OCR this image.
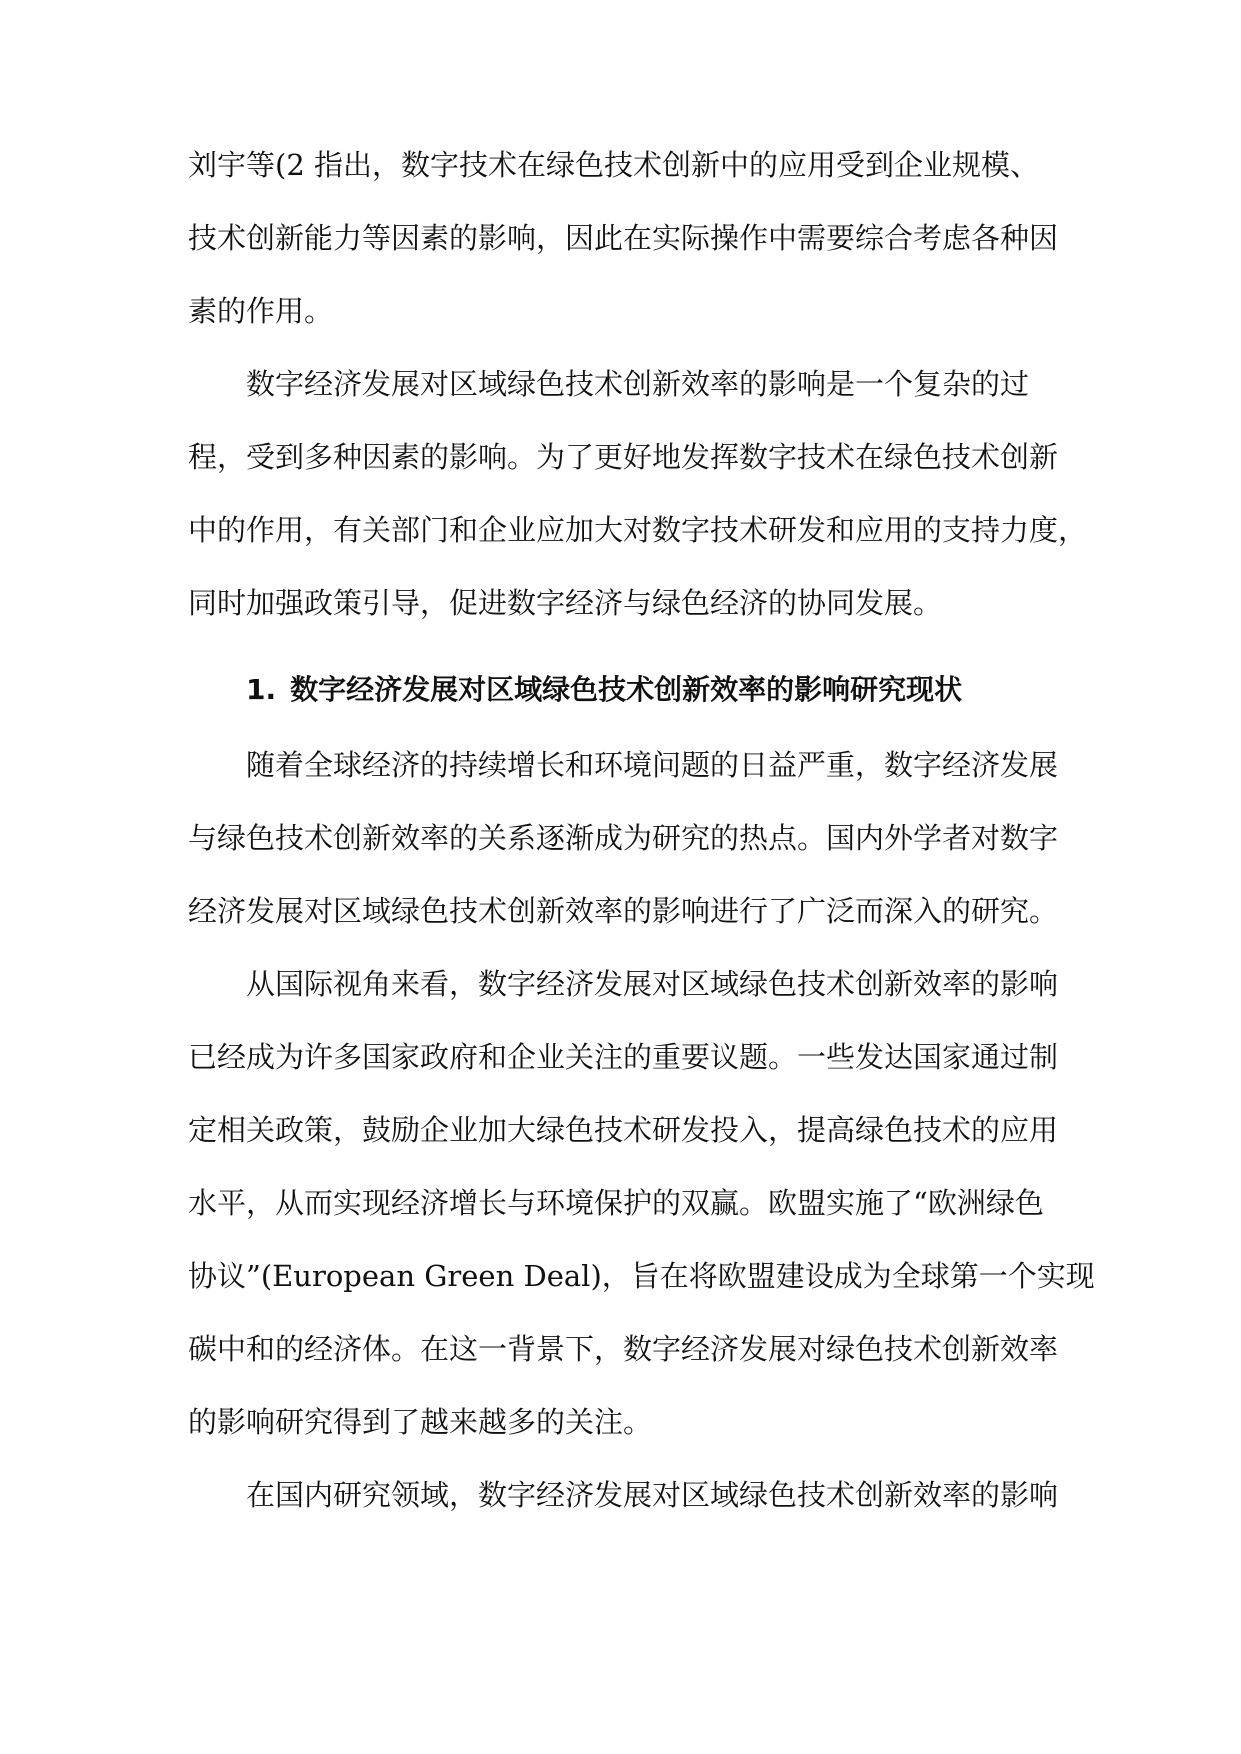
刘宇等(2 指出，数字技术在绿色技术创新中的应用受到企业规模、
技术创新能力等因素的影响，因此在实际操作中需要综合考虑各种因
素的作用。
数字经济发展对区域绿色技术创新效率的影响是一个复杂的过
程，受到多种因素的影响。为了更好地发挥数字技术在绿色技术创新
中的作用，有关部门和企业应加大对数字技术研发和应用的支持力度，
同时加强政策引导，促进数字经济与绿色经济的协同发展。
1. 数字经济发展对区域绿色技术创新效率的影响研究现状
随着全球经济的持续增长和环境问题的日益严重，数字经济发展
与绿色技术创新效率的关系逐渐成为研究的热点。国内外学者对数字
经济发展对区域绿色技术创新效率的影响进行了广泛而深入的研究。
从国际视角来看，数字经济发展对区域绿色技术创新效率的影响
已经成为许多国家政府和企业关注的重要议题。一些发达国家通过制
定相关政策，鼓励企业加大绿色技术研发投入，提高绿色技术的应用
水平，从而实现经济增长与环境保护的双赢。欧盟实施了“欧洲绿色
协议”(European Green Deal)，旨在将欧盟建设成为全球第一个实现
碳中和的经济体。在这一背景下，数字经济发展对绿色技术创新效率
的影响研究得到了越来越多的关注。
在国内研究领域，数字经济发展对区域绿色技术创新效率的影响
